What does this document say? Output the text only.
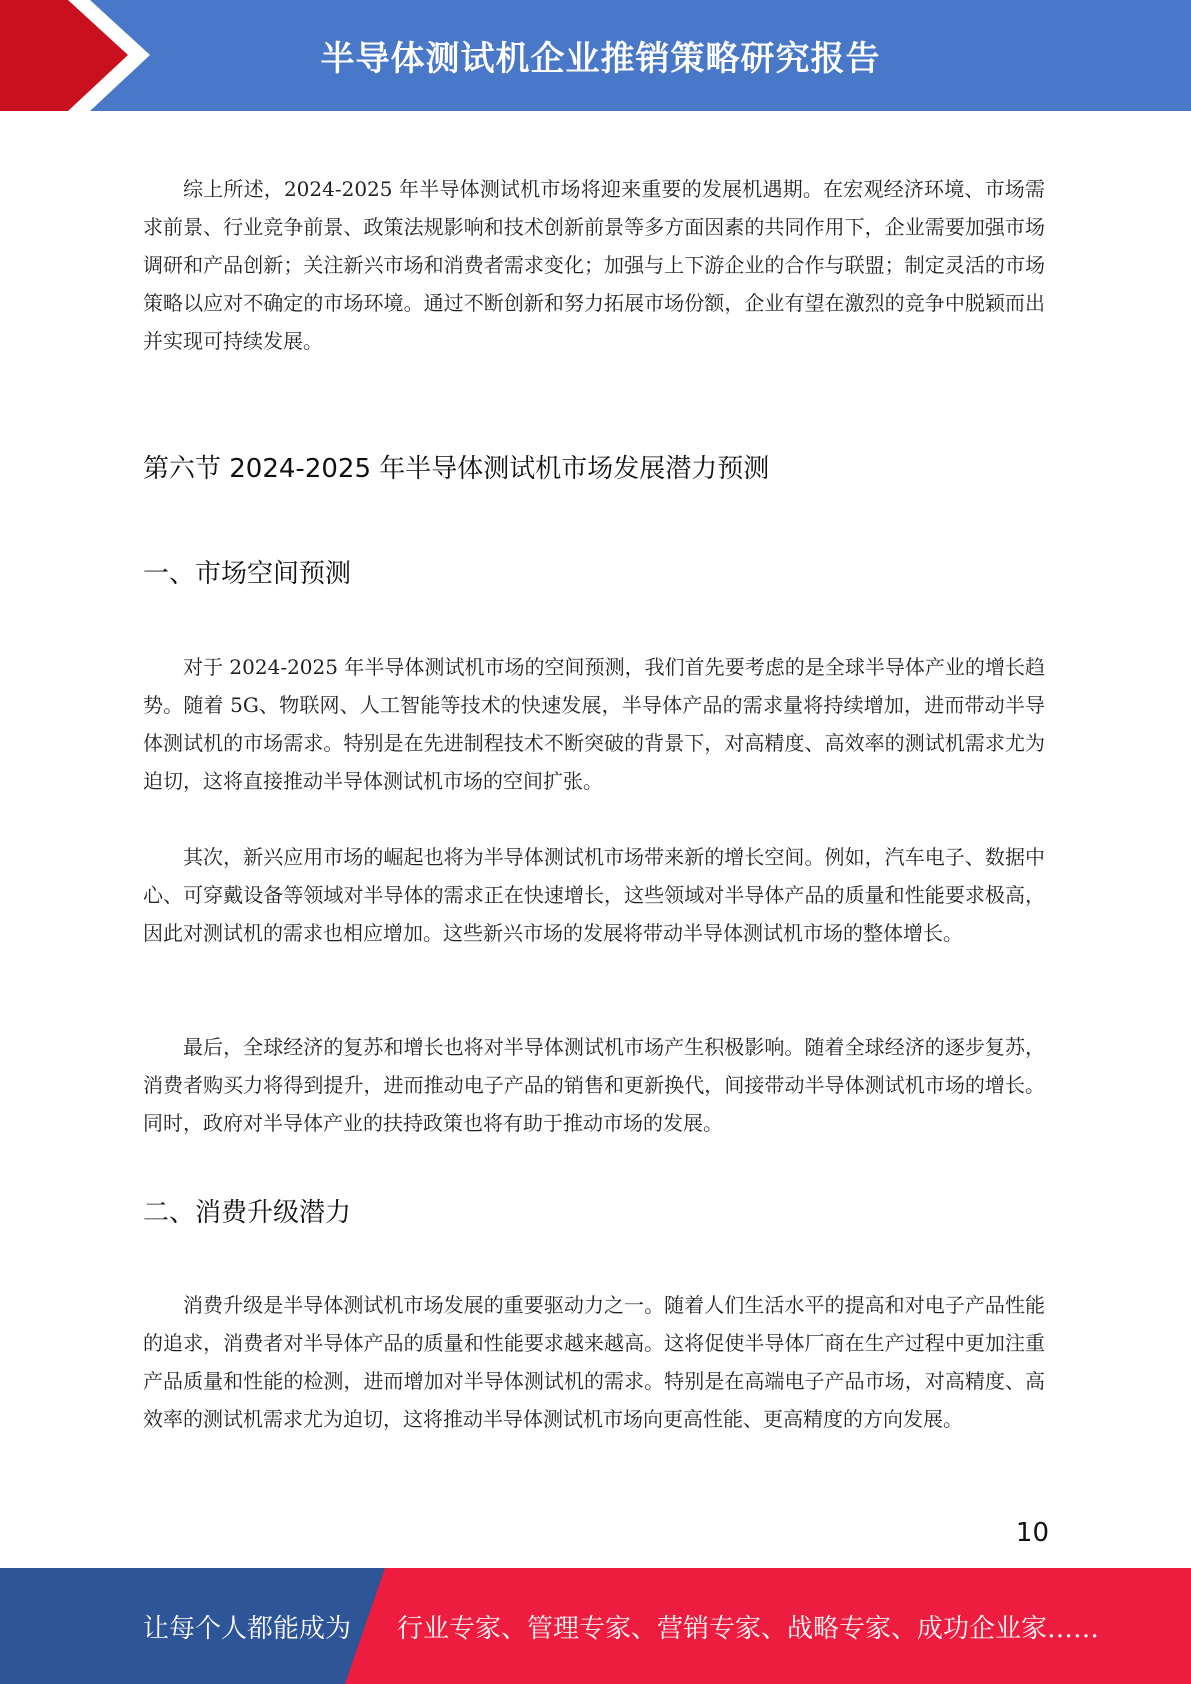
半导体测试机企业推销策略研究报告

综上所述，2024-2025 年半导体测试机市场将迎来重要的发展机遇期。在宏观经济环境、市场需求前景、行业竞争前景、政策法规影响和技术创新前景等多方面因素的共同作用下，企业需要加强市场调研和产品创新；关注新兴市场和消费者需求变化；加强与上下游企业的合作与联盟；制定灵活的市场策略以应对不确定的市场环境。通过不断创新和努力拓展市场份额，企业有望在激烈的竞争中脱颖而出并实现可持续发展。

第六节 2024-2025 年半导体测试机市场发展潜力预测
一、市场空间预测

对于 2024-2025 年半导体测试机市场的空间预测，我们首先要考虑的是全球半导体产业的增长趋势。随着 5G、物联网、人工智能等技术的快速发展，半导体产品的需求量将持续增加，进而带动半导体测试机的市场需求。特别是在先进制程技术不断突破的背景下，对高精度、高效率的测试机需求尤为迫切，这将直接推动半导体测试机市场的空间扩张。

其次，新兴应用市场的崛起也将为半导体测试机市场带来新的增长空间。例如，汽车电子、数据中心、可穿戴设备等领域对半导体的需求正在快速增长，这些领域对半导体产品的质量和性能要求极高，因此对测试机的需求也相应增加。这些新兴市场的发展将带动半导体测试机市场的整体增长。

最后，全球经济的复苏和增长也将对半导体测试机市场产生积极影响。随着全球经济的逐步复苏，消费者购买力将得到提升，进而推动电子产品的销售和更新换代，间接带动半导体测试机市场的增长。同时，政府对半导体产业的扶持政策也将有助于推动市场的发展。

二、消费升级潜力

消费升级是半导体测试机市场发展的重要驱动力之一。随着人们生活水平的提高和对电子产品性能的追求，消费者对半导体产品的质量和性能要求越来越高。这将促使半导体厂商在生产过程中更加注重产品质量和性能的检测，进而增加对半导体测试机的需求。特别是在高端电子产品市场，对高精度、高效率的测试机需求尤为迫切，这将推动半导体测试机市场向更高性能、更高精度的方向发展。

10
让每个人都能成为 行业专家、管理专家、营销专家、战略专家、成功企业家……
